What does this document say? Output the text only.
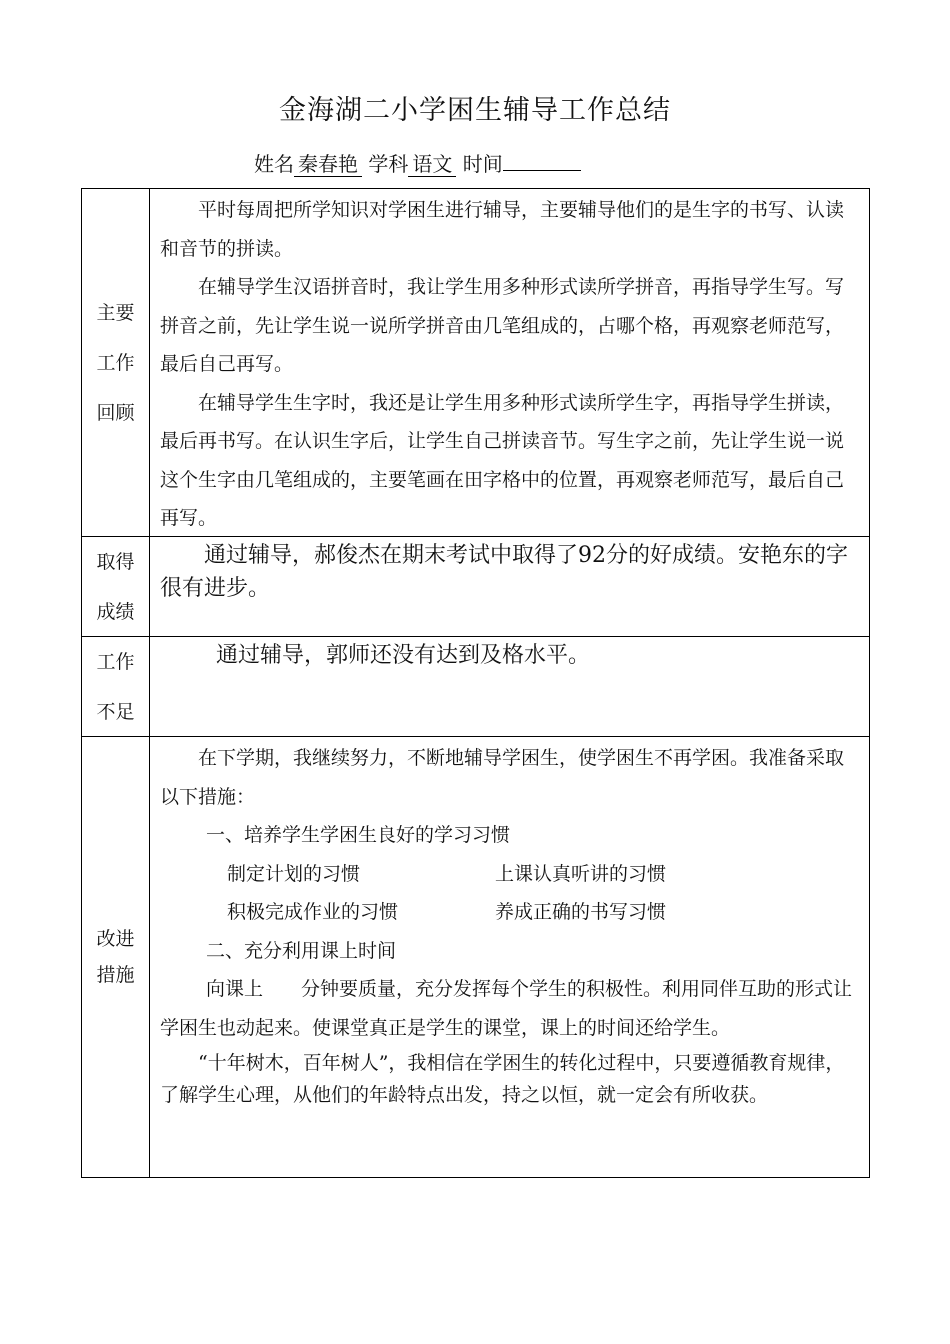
金海湖二小学困生辅导工作总结
姓名 秦春艳 学科 语文 时间
主要
工作
回顾

平时每周把所学知识对学困生进行辅导，主要辅导他们的是生字的书写、认读和音节的拼读。

在辅导学生汉语拼音时，我让学生用多种形式读所学拼音，再指导学生写。写拼音之前，先让学生说一说所学拼音由几笔组成的，占哪个格，再观察老师范写，最后自己再写。

在辅导学生生字时，我还是让学生用多种形式读所学生字，再指导学生拼读，最后再书写。在认识生字后，让学生自己拼读音节。写生字之前，先让学生说一说这个生字由几笔组成的，主要笔画在田字格中的位置，再观察老师范写，最后自己再写。

取得
成绩

通过辅导，郝俊杰在期末考试中取得了92分的好成绩。安艳东的字很有进步。

工作
不足

通过辅导，郭师还没有达到及格水平。

改进
措施

在下学期，我继续努力，不断地辅导学困生，使学困生不再学困。我准备采取以下措施：

一、培养学生学困生良好的学习习惯

制定计划的习惯	上课认真听讲的习惯
积极完成作业的习惯	养成正确的书写习惯

二、充分利用课上时间

向课上　　分钟要质量，充分发挥每个学生的积极性。利用同伴互助的形式让学困生也动起来。使课堂真正是学生的课堂，课上的时间还给学生。

“十年树木，百年树人”，我相信在学困生的转化过程中，只要遵循教育规律，了解学生心理，从他们的年龄特点出发，持之以恒，就一定会有所收获。
